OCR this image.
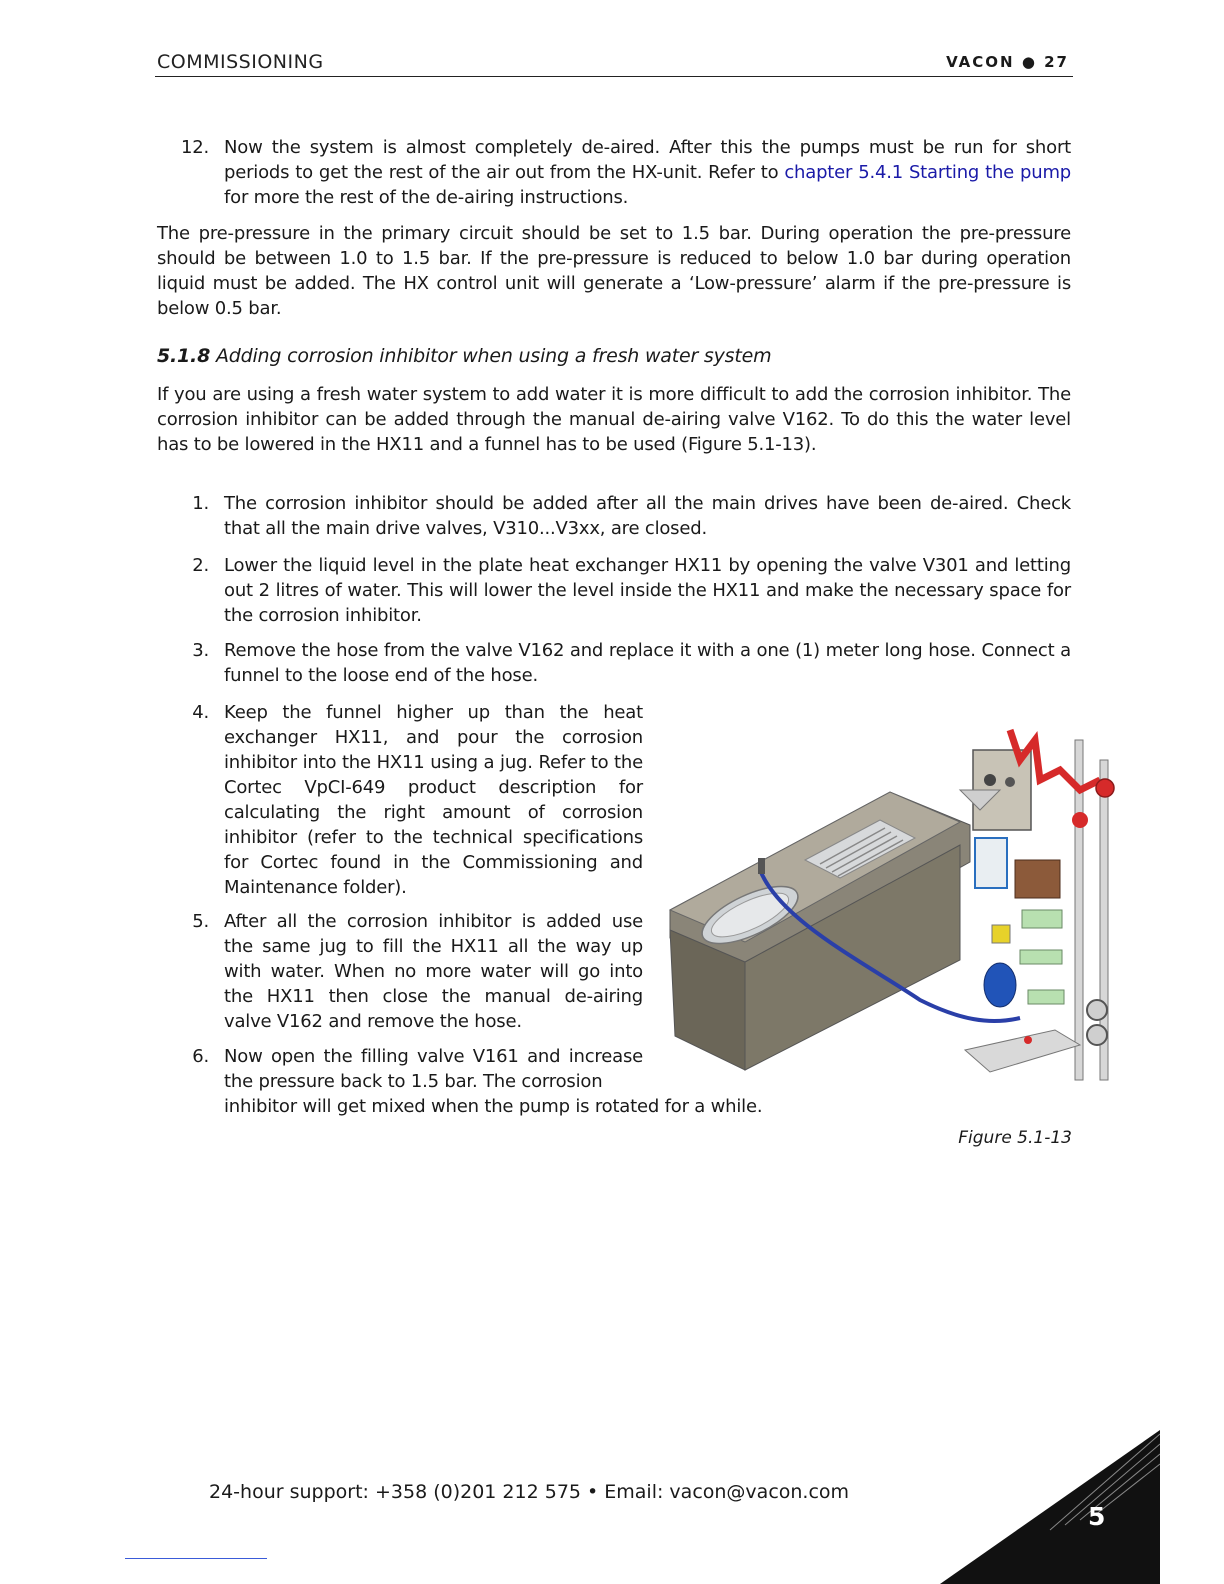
COMMISSIONING	VACON ● 27
12. Now the system is almost completely de-aired. After this the pumps must be run for short periods to get the rest of the air out from the HX-unit. Refer to chapter 5.4.1 Starting the pump for more the rest of the de-airing instructions.

The pre-pressure in the primary circuit should be set to 1.5 bar. During operation the pre-pressure should be between 1.0 to 1.5 bar. If the pre-pressure is reduced to below 1.0 bar during operation liquid must be added. The HX control unit will generate a ‘Low-pressure’ alarm if the pre-pressure is below 0.5 bar.

5.1.8 Adding corrosion inhibitor when using a fresh water system

If you are using a fresh water system to add water it is more difficult to add the corrosion inhibitor. The corrosion inhibitor can be added through the manual de-airing valve V162. To do this the water level has to be lowered in the HX11 and a funnel has to be used (Figure 5.1-13).

1. The corrosion inhibitor should be added after all the main drives have been de-aired. Check that all the main drive valves, V310...V3xx, are closed.
2. Lower the liquid level in the plate heat exchanger HX11 by opening the valve V301 and letting out 2 litres of water. This will lower the level inside the HX11 and make the necessary space for the corrosion inhibitor.
3. Remove the hose from the valve V162 and replace it with a one (1) meter long hose. Connect a funnel to the loose end of the hose.
4. Keep the funnel higher up than the heat exchanger HX11, and pour the corrosion inhibitor into the HX11 using a jug. Refer to the Cortec VpCI-649 product description for calculating the right amount of corrosion inhibitor (refer to the technical specifications for Cortec found in the Commissioning and Maintenance folder).
5. After all the corrosion inhibitor is added use the same jug to fill the HX11 all the way up with water. When no more water will go into the HX11 then close the manual de-airing valve V162 and remove the hose.
6. Now open the filling valve V161 and increase the pressure back to 1.5 bar. The corrosion
inhibitor will get mixed when the pump is rotated for a while.
Figure 5.1-13
24-hour support: +358 (0)201 212 575 • Email: vacon@vacon.com
5
